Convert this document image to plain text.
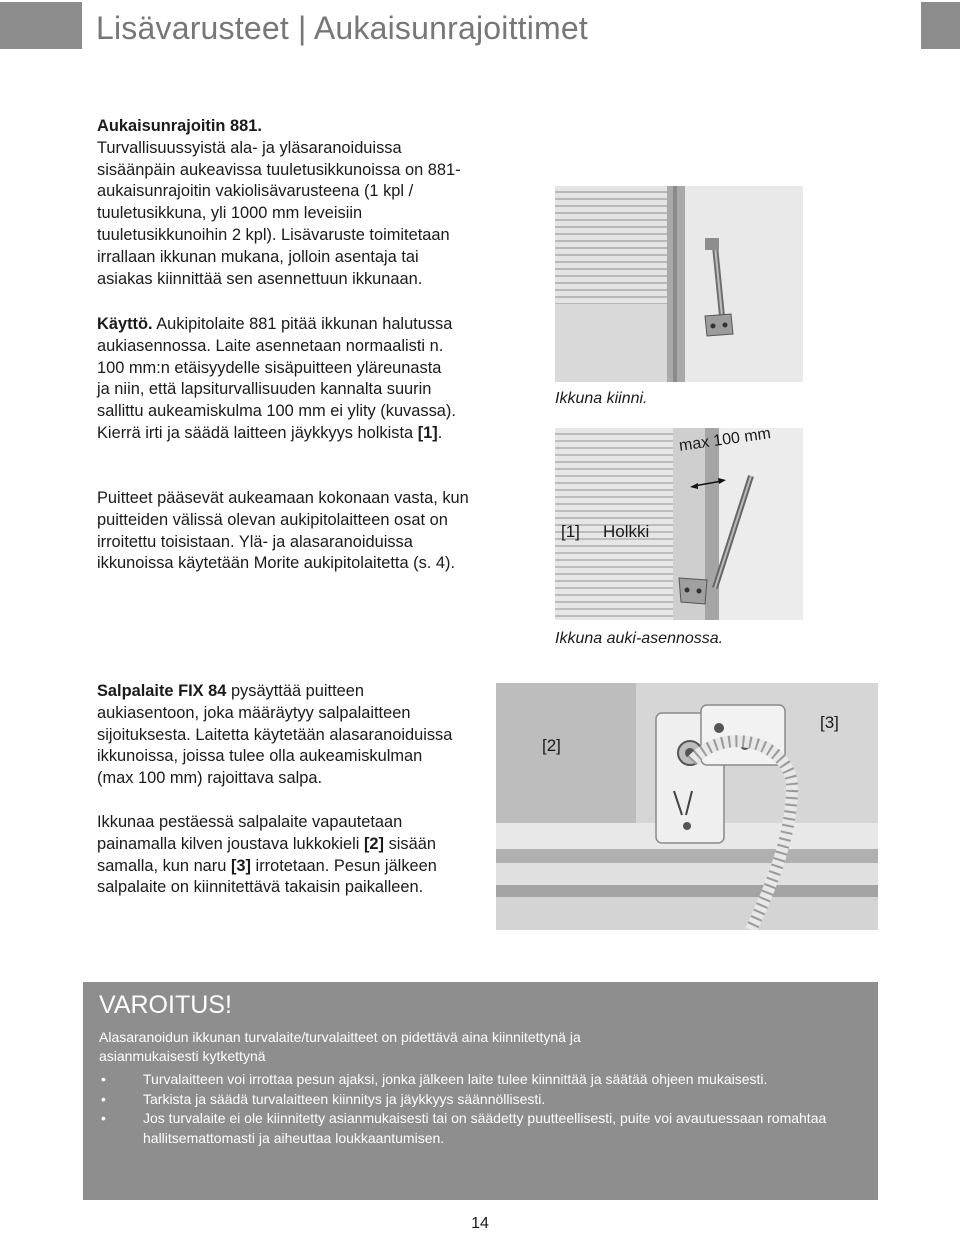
Lisävarusteet | Aukaisunrajoittimet
Aukaisunrajoitin 881.
Turvallisuussyistä ala- ja yläsaranoiduissa sisäänpäin aukeavissa tuuletusikkunoissa on 881-aukaisunrajoitin vakiolisävarusteena (1 kpl / tuuletusikkuna, yli 1000 mm leveisiin tuuletusikkunoihin 2 kpl). Lisävaruste toimitetaan irrallaan ikkunan mukana, jolloin asentaja tai asiakas kiinnittää sen asennettuun ikkunaan.
Käyttö. Aukipitolaite 881 pitää ikkunan halutussa aukiasennossa. Laite asennetaan normaalisti n. 100 mm:n etäisyydelle sisäpuitteen yläreunasta ja niin, että lapsiturvallisuuden kannalta suurin sallittu aukeamiskulma 100 mm ei ylity (kuvassa). Kierrä irti ja säädä laitteen jäykkyys holkista [1].
Puitteet pääsevät aukeamaan kokonaan vasta, kun puitteiden välissä olevan aukipitolaitteen osat on irroitettu toisistaan. Ylä- ja alasaranoiduissa ikkunoissa käytetään Morite aukipitolaitetta (s. 4).
Salpalaite FIX 84 pysäyttää puitteen aukiasentoon, joka määräytyy salpalaitteen sijoituksesta. Laitetta käytetään alasaranoiduissa ikkunoissa, joissa tulee olla aukeamiskulman (max 100 mm) rajoittava salpa.
Ikkunaa pestäessä salpalaite vapautetaan painamalla kilven joustava lukkokieli [2] sisään samalla, kun naru [3] irrotetaan. Pesun jälkeen salpalaite on kiinnitettävä takaisin paikalleen.
Ikkuna kiinni.
max 100 mm
[1] Holkki
Ikkuna auki-asennossa.
[2]
[3]
VAROITUS!
Alasaranoidun ikkunan turvalaite/turvalaitteet on pidettävä aina kiinnitettynä ja asianmukaisesti kytkettynä
•	Turvalaitteen voi irrottaa pesun ajaksi, jonka jälkeen laite tulee kiinnittää ja säätää ohjeen mukaisesti.
•	Tarkista ja säädä turvalaitteen kiinnitys ja jäykkyys säännöllisesti.
•	Jos turvalaite ei ole kiinnitetty asianmukaisesti tai on säädetty puutteellisesti, puite voi avautuessaan romahtaa hallitsemattomasti ja aiheuttaa loukkaantumisen.
14
